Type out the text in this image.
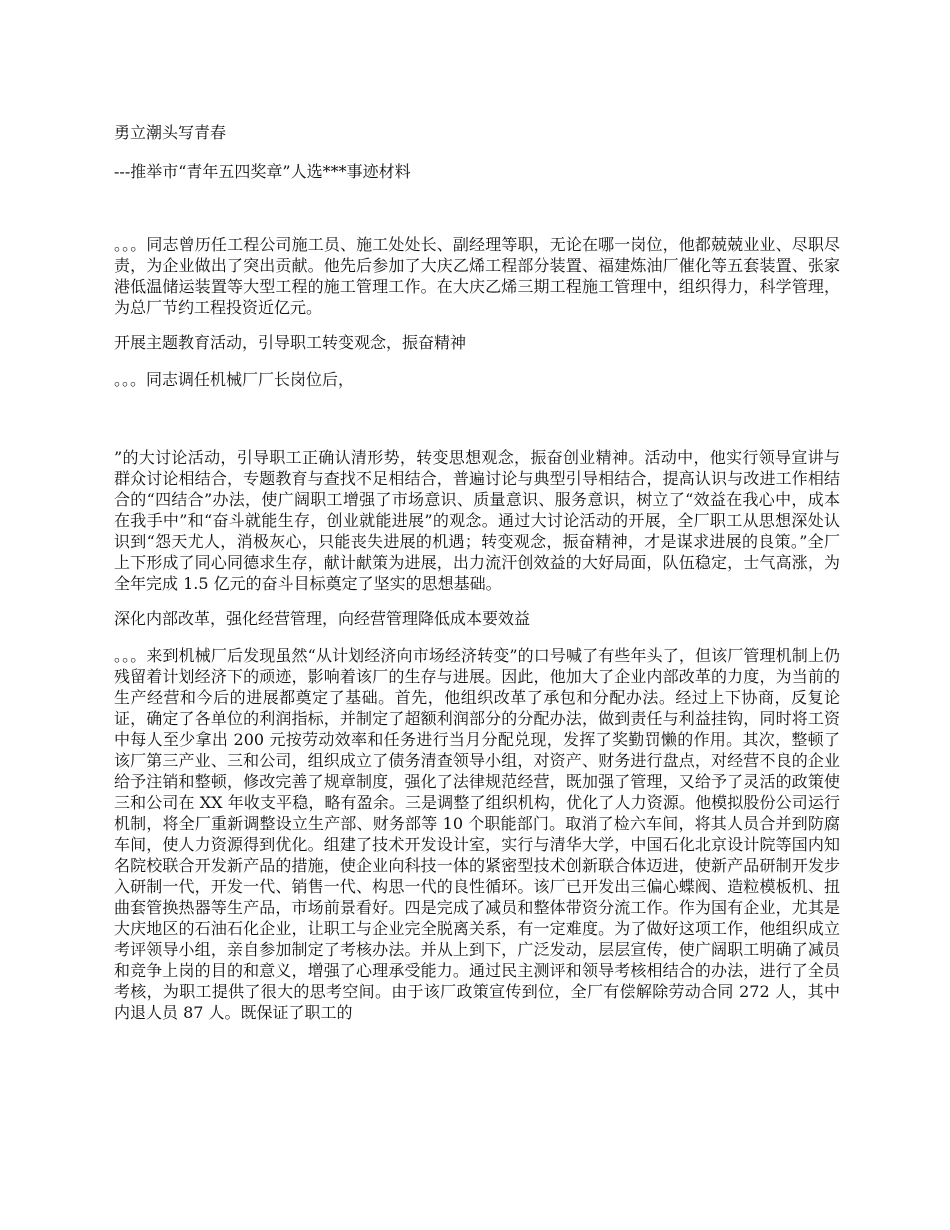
勇立潮头写青春

---推举市“青年五四奖章”人选***事迹材料

。。。同志曾历任工程公司施工员、施工处处长、副经理等职，无论在哪一岗位，他都兢兢业业、尽职尽责，为企业做出了突出贡献。他先后参加了大庆乙烯工程部分装置、福建炼油厂催化等五套装置、张家港低温储运装置等大型工程的施工管理工作。在大庆乙烯三期工程施工管理中，组织得力，科学管理，为总厂节约工程投资近亿元。

开展主题教育活动，引导职工转变观念，振奋精神

。。。同志调任机械厂厂长岗位后，

”的大讨论活动，引导职工正确认清形势，转变思想观念，振奋创业精神。活动中，他实行领导宣讲与群众讨论相结合，专题教育与查找不足相结合，普遍讨论与典型引导相结合，提高认识与改进工作相结合的“四结合”办法，使广阔职工增强了市场意识、质量意识、服务意识，树立了“效益在我心中，成本在我手中”和“奋斗就能生存，创业就能进展”的观念。通过大讨论活动的开展，全厂职工从思想深处认识到“怨天尤人，消极灰心，只能丧失进展的机遇；转变观念，振奋精神，才是谋求进展的良策。”全厂上下形成了同心同德求生存，献计献策为进展，出力流汗创效益的大好局面，队伍稳定，士气高涨，为全年完成 1.5 亿元的奋斗目标奠定了坚实的思想基础。

深化内部改革，强化经营管理，向经营管理降低成本要效益

。。。来到机械厂后发现虽然“从计划经济向市场经济转变”的口号喊了有些年头了，但该厂管理机制上仍残留着计划经济下的顽迹，影响着该厂的生存与进展。因此，他加大了企业内部改革的力度，为当前的生产经营和今后的进展都奠定了基础。首先，他组织改革了承包和分配办法。经过上下协商，反复论证，确定了各单位的利润指标，并制定了超额利润部分的分配办法，做到责任与利益挂钩，同时将工资中每人至少拿出 200 元按劳动效率和任务进行当月分配兑现，发挥了奖勤罚懒的作用。其次，整顿了该厂第三产业、三和公司，组织成立了债务清查领导小组，对资产、财务进行盘点，对经营不良的企业给予注销和整顿，修改完善了规章制度，强化了法律规范经营，既加强了管理，又给予了灵活的政策使三和公司在 XX 年收支平稳，略有盈余。三是调整了组织机构，优化了人力资源。他模拟股份公司运行机制，将全厂重新调整设立生产部、财务部等 10 个职能部门。取消了检六车间，将其人员合并到防腐车间，使人力资源得到优化。组建了技术开发设计室，实行与清华大学，中国石化北京设计院等国内知名院校联合开发新产品的措施，使企业向科技一体的紧密型技术创新联合体迈进，使新产品研制开发步入研制一代，开发一代、销售一代、构思一代的良性循环。该厂已开发出三偏心蝶阀、造粒模板机、扭曲套管换热器等生产品，市场前景看好。四是完成了减员和整体带资分流工作。作为国有企业，尤其是大庆地区的石油石化企业，让职工与企业完全脱离关系，有一定难度。为了做好这项工作，他组织成立考评领导小组，亲自参加制定了考核办法。并从上到下，广泛发动，层层宣传，使广阔职工明确了减员和竞争上岗的目的和意义，增强了心理承受能力。通过民主测评和领导考核相结合的办法，进行了全员考核，为职工提供了很大的思考空间。由于该厂政策宣传到位，全厂有偿解除劳动合同 272 人，其中内退人员 87 人。既保证了职工的
